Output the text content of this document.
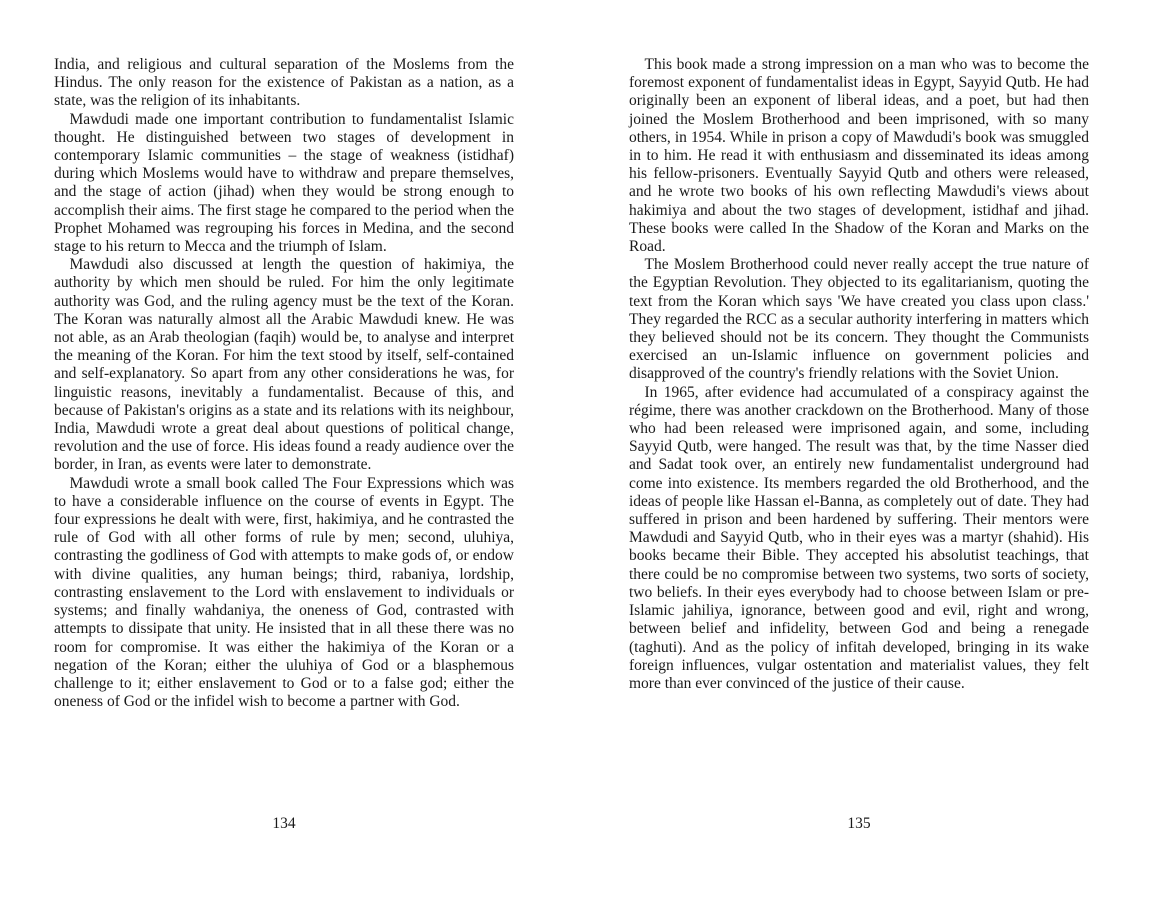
India, and religious and cultural separation of the Moslems from the Hindus. The only reason for the existence of Pakistan as a nation, as a state, was the religion of its inhabitants.

Mawdudi made one important contribution to fundamentalist Islamic thought. He distinguished between two stages of development in contemporary Islamic communities – the stage of weakness (istidhaf) during which Moslems would have to withdraw and prepare themselves, and the stage of action (jihad) when they would be strong enough to accomplish their aims. The first stage he compared to the period when the Prophet Mohamed was regrouping his forces in Medina, and the second stage to his return to Mecca and the triumph of Islam.

Mawdudi also discussed at length the question of hakimiya, the authority by which men should be ruled. For him the only legitimate authority was God, and the ruling agency must be the text of the Koran. The Koran was naturally almost all the Arabic Mawdudi knew. He was not able, as an Arab theologian (faqih) would be, to analyse and interpret the meaning of the Koran. For him the text stood by itself, self-contained and self-explanatory. So apart from any other considerations he was, for linguistic reasons, inevitably a fundamentalist. Because of this, and because of Pakistan's origins as a state and its relations with its neighbour, India, Mawdudi wrote a great deal about questions of political change, revolution and the use of force. His ideas found a ready audience over the border, in Iran, as events were later to demonstrate.

Mawdudi wrote a small book called The Four Expressions which was to have a considerable influence on the course of events in Egypt. The four expressions he dealt with were, first, hakimiya, and he contrasted the rule of God with all other forms of rule by men; second, uluhiya, contrasting the godliness of God with attempts to make gods of, or endow with divine qualities, any human beings; third, rabaniya, lordship, contrasting enslavement to the Lord with enslavement to individuals or systems; and finally wahdaniya, the oneness of God, contrasted with attempts to dissipate that unity. He insisted that in all these there was no room for compromise. It was either the hakimiya of the Koran or a negation of the Koran; either the uluhiya of God or a blasphemous challenge to it; either enslavement to God or to a false god; either the oneness of God or the infidel wish to become a partner with God.

134

This book made a strong impression on a man who was to become the foremost exponent of fundamentalist ideas in Egypt, Sayyid Qutb. He had originally been an exponent of liberal ideas, and a poet, but had then joined the Moslem Brotherhood and been imprisoned, with so many others, in 1954. While in prison a copy of Mawdudi's book was smuggled in to him. He read it with enthusiasm and disseminated its ideas among his fellow-prisoners. Eventually Sayyid Qutb and others were released, and he wrote two books of his own reflecting Mawdudi's views about hakimiya and about the two stages of development, istidhaf and jihad. These books were called In the Shadow of the Koran and Marks on the Road.

The Moslem Brotherhood could never really accept the true nature of the Egyptian Revolution. They objected to its egalitarianism, quoting the text from the Koran which says 'We have created you class upon class.' They regarded the RCC as a secular authority interfering in matters which they believed should not be its concern. They thought the Communists exercised an un-Islamic influence on government policies and disapproved of the country's friendly relations with the Soviet Union.

In 1965, after evidence had accumulated of a conspiracy against the régime, there was another crackdown on the Brotherhood. Many of those who had been released were imprisoned again, and some, including Sayyid Qutb, were hanged. The result was that, by the time Nasser died and Sadat took over, an entirely new fundamentalist underground had come into existence. Its members regarded the old Brotherhood, and the ideas of people like Hassan el-Banna, as completely out of date. They had suffered in prison and been hardened by suffering. Their mentors were Mawdudi and Sayyid Qutb, who in their eyes was a martyr (shahid). His books became their Bible. They accepted his absolutist teachings, that there could be no compromise between two systems, two sorts of society, two beliefs. In their eyes everybody had to choose between Islam or pre-Islamic jahiliya, ignorance, between good and evil, right and wrong, between belief and infidelity, between God and being a renegade (taghuti). And as the policy of infitah developed, bringing in its wake foreign influences, vulgar ostentation and materialist values, they felt more than ever convinced of the justice of their cause.

135
